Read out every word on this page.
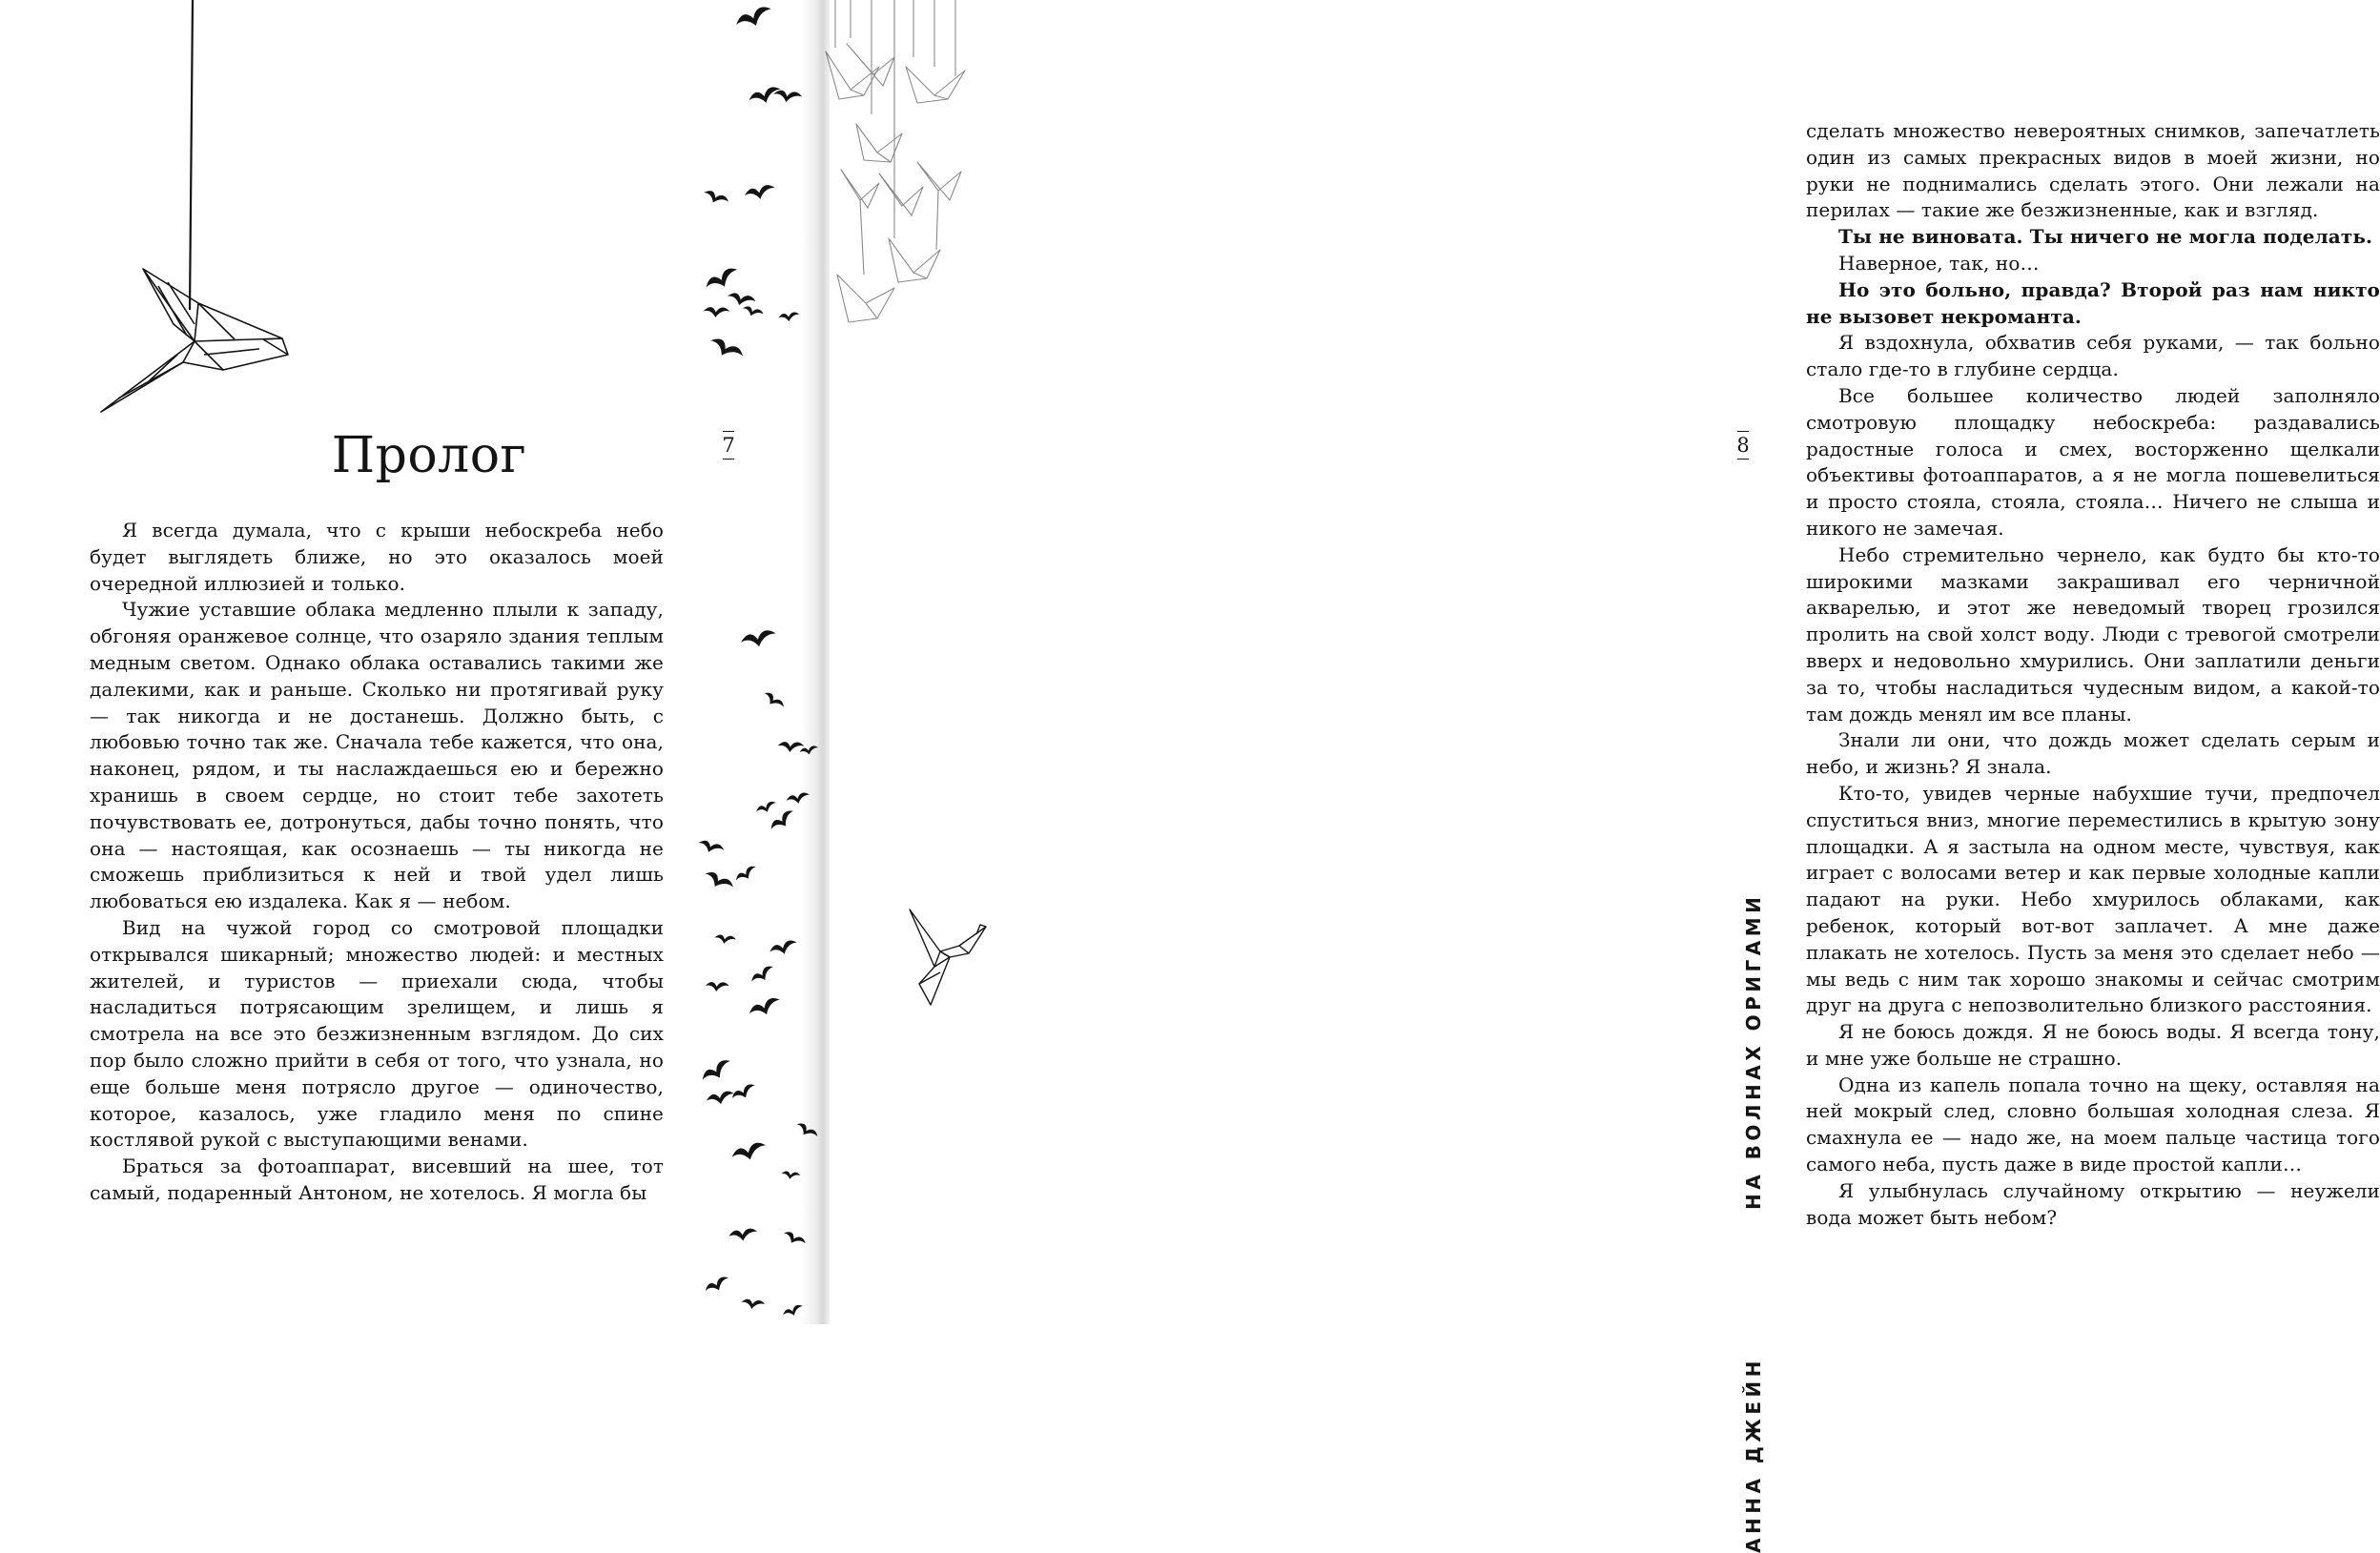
Пролог

Я всегда думала, что с крыши небоскреба небо будет выглядеть ближе, но это оказалось моей очередной иллюзией и только.

Чужие уставшие облака медленно плыли к западу, обгоняя оранжевое солнце, что озаряло здания теплым медным светом. Однако облака оставались такими же далекими, как и раньше. Сколько ни протягивай руку — так никогда и не достанешь. Должно быть, с любовью точно так же. Сначала тебе кажется, что она, наконец, рядом, и ты наслаждаешься ею и бережно хранишь в своем сердце, но стоит тебе захотеть почувствовать ее, дотронуться, дабы точно понять, что она — настоящая, как осознаешь — ты никогда не сможешь приблизиться к ней и твой удел лишь любоваться ею издалека. Как я — небом.

Вид на чужой город со смотровой площадки открывался шикарный; множество людей: и местных жителей, и туристов — приехали сюда, чтобы насладиться потрясающим зрелищем, и лишь я смотрела на все это безжизненным взглядом. До сих пор было сложно прийти в себя от того, что узнала, но еще больше меня потрясло другое — одиночество, которое, казалось, уже гладило меня по спине костлявой рукой с выступающими венами.

Браться за фотоаппарат, висевший на шее, тот самый, подаренный Антоном, не хотелось. Я могла бы

7	8
НА ВОЛНАХ ОРИГАМИ
АННА ДЖЕЙН

сделать множество невероятных снимков, запечатлеть один из самых прекрасных видов в моей жизни, но руки не поднимались сделать этого. Они лежали на перилах — такие же безжизненные, как и взгляд.

Ты не виновата. Ты ничего не могла поделать.

Наверное, так, но…

Но это больно, правда? Второй раз нам никто не вызовет некроманта.

Я вздохнула, обхватив себя руками, — так больно стало где-то в глубине сердца.

Все большее количество людей заполняло смотровую площадку небоскреба: раздавались радостные голоса и смех, восторженно щелкали объективы фотоаппаратов, а я не могла пошевелиться и просто стояла, стояла, стояла… Ничего не слыша и никого не замечая.

Небо стремительно чернело, как будто бы кто-то широкими мазками закрашивал его черничной акварелью, и этот же неведомый творец грозился пролить на свой холст воду. Люди с тревогой смотрели вверх и недовольно хмурились. Они заплатили деньги за то, чтобы насладиться чудесным видом, а какой-то там дождь менял им все планы.

Знали ли они, что дождь может сделать серым и небо, и жизнь? Я знала.

Кто-то, увидев черные набухшие тучи, предпочел спуститься вниз, многие переместились в крытую зону площадки. А я застыла на одном месте, чувствуя, как играет с волосами ветер и как первые холодные капли падают на руки. Небо хмурилось облаками, как ребенок, который вот-вот заплачет. А мне даже плакать не хотелось. Пусть за меня это сделает небо — мы ведь с ним так хорошо знакомы и сейчас смотрим друг на друга с непозволительно близкого расстояния.

Я не боюсь дождя. Я не боюсь воды. Я всегда тону, и мне уже больше не страшно.

Одна из капель попала точно на щеку, оставляя на ней мокрый след, словно большая холодная слеза. Я смахнула ее — надо же, на моем пальце частица того самого неба, пусть даже в виде простой капли…

Я улыбнулась случайному открытию — неужели вода может быть небом?
